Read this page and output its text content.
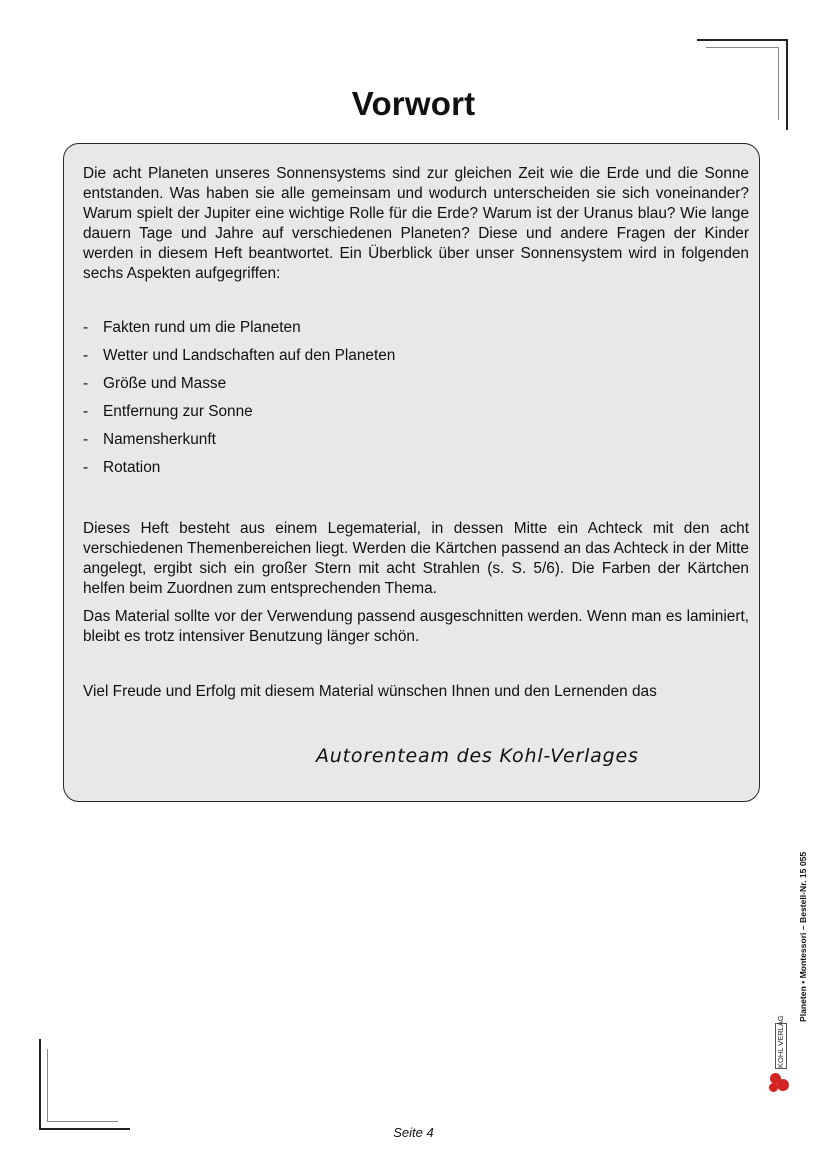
Vorwort

Die acht Planeten unseres Sonnensystems sind zur gleichen Zeit wie die Erde und die Sonne entstanden. Was haben sie alle gemeinsam und wodurch unterscheiden sie sich voneinander? Warum spielt der Jupiter eine wichtige Rolle für die Erde? Warum ist der Uranus blau? Wie lange dauern Tage und Jahre auf verschiedenen Planeten? Diese und andere Fragen der Kinder werden in diesem Heft beantwortet. Ein Überblick über unser Sonnensystem wird in folgenden sechs Aspekten aufgegriffen:

- Fakten rund um die Planeten
- Wetter und Landschaften auf den Planeten
- Größe und Masse
- Entfernung zur Sonne
- Namensherkunft
- Rotation

Dieses Heft besteht aus einem Legematerial, in dessen Mitte ein Achteck mit den acht verschiedenen Themenbereichen liegt. Werden die Kärtchen passend an das Achteck in der Mitte angelegt, ergibt sich ein großer Stern mit acht Strahlen (s. S. 5/6). Die Farben der Kärtchen helfen beim Zuordnen zum entsprechenden Thema.

Das Material sollte vor der Verwendung passend ausgeschnitten werden. Wenn man es laminiert, bleibt es trotz intensiver Benutzung länger schön.

Viel Freude und Erfolg mit diesem Material wünschen Ihnen und den Lernenden das

Autorenteam des Kohl-Verlages
Planeten • Montessori – Bestell-Nr. 15 055
KOHL VERLAG
Seite 4
